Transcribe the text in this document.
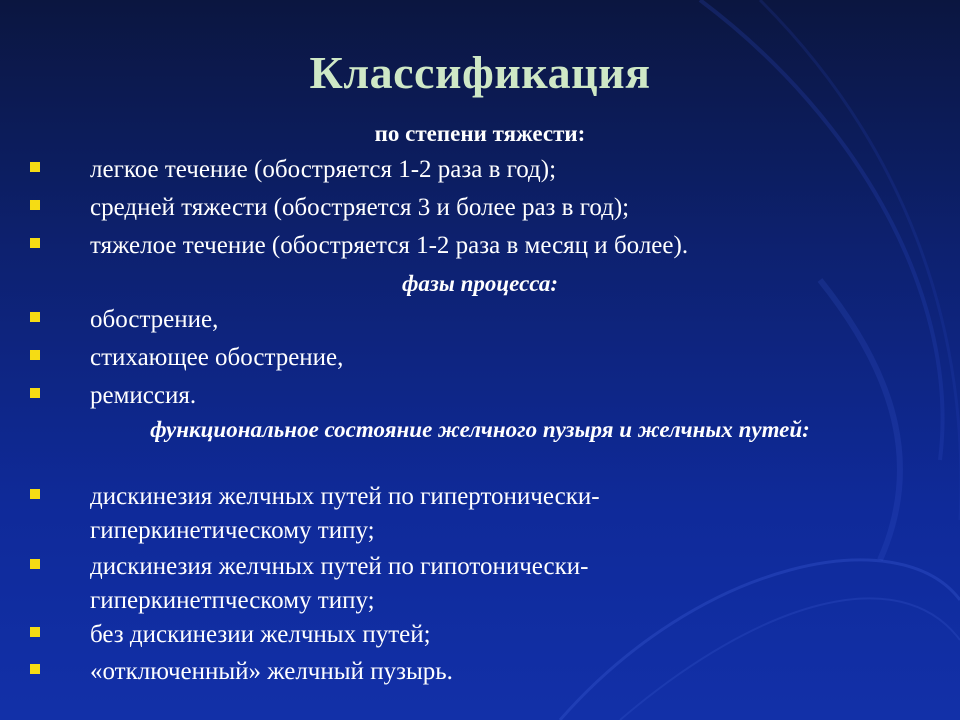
Классификация
по степени тяжести:
легкое течение (обостряется 1-2 раза в год);
средней тяжести (обостряется 3 и более раз в год);
тяжелое течение (обостряется 1-2 раза в месяц и более).
фазы процесса:
обострение,
стихающее обострение,
ремиссия.
функциональное состояние желчного пузыря и желчных путей:
дискинезия желчных путей по гипертонически-гиперкинетическому типу;
дискинезия желчных путей по гипотонически-гиперкинетпческому типу;
без дискинезии желчных путей;
«отключенный» желчный пузырь.
